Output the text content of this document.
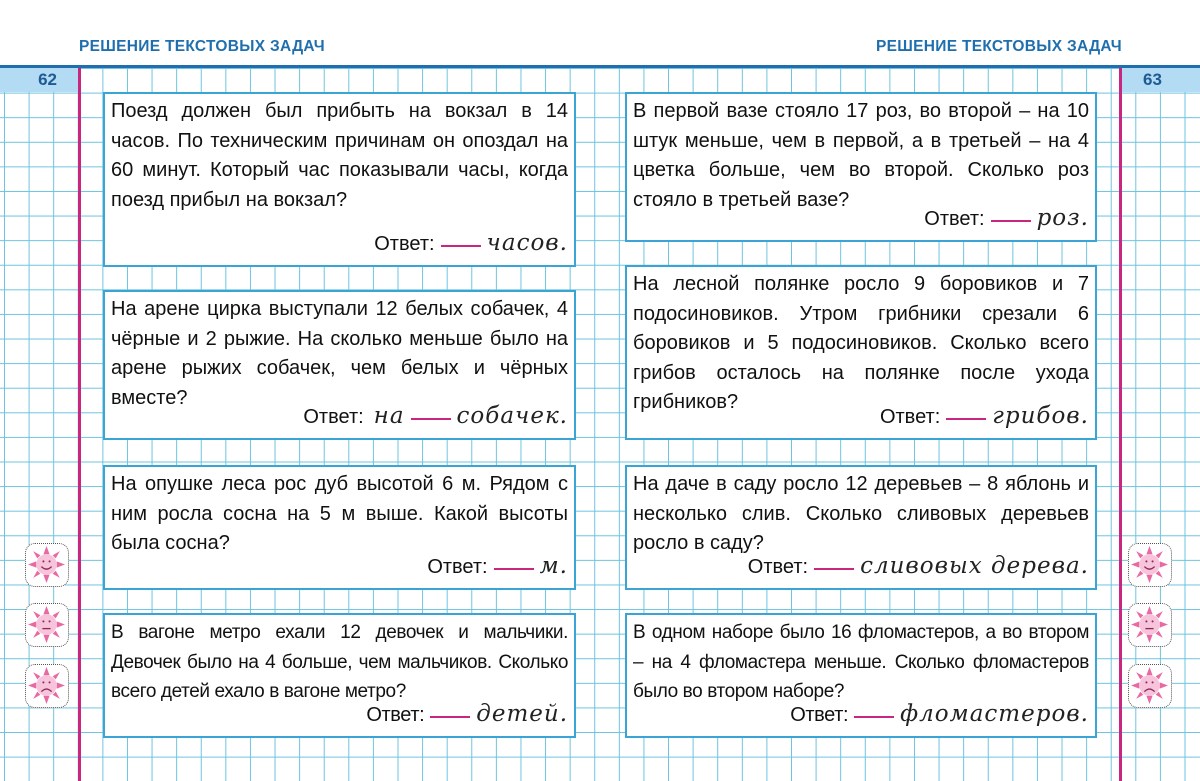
РЕШЕНИЕ ТЕКСТОВЫХ ЗАДАЧ	РЕШЕНИЕ ТЕКСТОВЫХ ЗАДАЧ
62	63

Поезд должен был прибыть на вокзал в 14 часов. По техническим причинам он опоздал на 60 минут. Который час показывали часы, когда поезд прибыл на вокзал?

Ответ: часов.

На арене цирка выступали 12 белых собачек, 4 чёрные и 2 рыжие. На сколько меньше было на арене рыжих собачек, чем белых и чёрных вместе?

Ответ: на собачек.

На опушке леса рос дуб высотой 6 м. Рядом с ним росла сосна на 5 м выше. Какой высоты была сосна?

Ответ: м.

В вагоне метро ехали 12 девочек и мальчики. Девочек было на 4 больше, чем мальчиков. Сколько всего детей ехало в вагоне метро?

Ответ: детей.

В первой вазе стояло 17 роз, во второй – на 10 штук меньше, чем в первой, а в третьей – на 4 цветка больше, чем во второй. Сколько роз стояло в третьей вазе?

Ответ: роз.

На лесной полянке росло 9 боровиков и 7 подосиновиков. Утром грибники срезали 6 боровиков и 5 подосиновиков. Сколько всего грибов осталось на полянке после ухода грибников?

Ответ: грибов.

На даче в саду росло 12 деревьев – 8 яблонь и несколько слив. Сколько сливовых деревьев росло в саду?

Ответ: сливовых дерева.

В одном наборе было 16 фломастеров, а во втором – на 4 фломастера меньше. Сколько фломастеров было во втором наборе?

Ответ: фломастеров.
